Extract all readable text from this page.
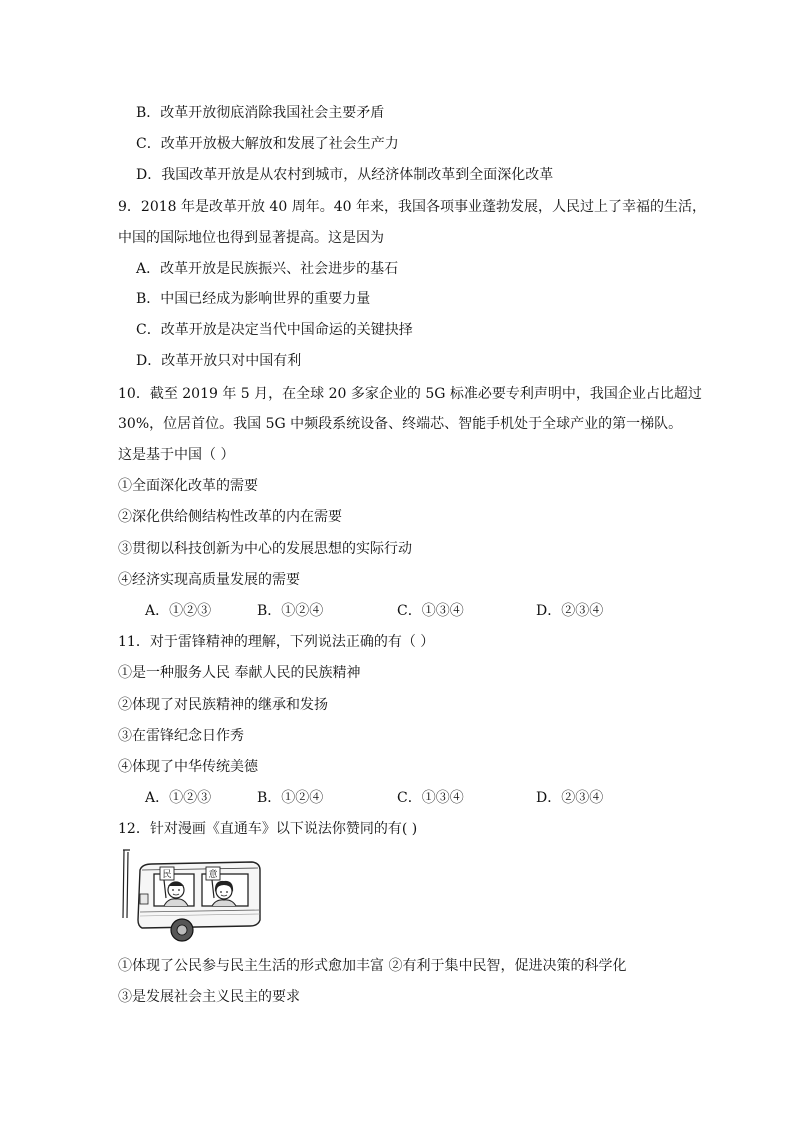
B．改革开放彻底消除我国社会主要矛盾
C．改革开放极大解放和发展了社会生产力
D．我国改革开放是从农村到城市，从经济体制改革到全面深化改革
9．2018 年是改革开放 40 周年。40 年来，我国各项事业蓬勃发展，人民过上了幸福的生活，
中国的国际地位也得到显著提高。这是因为
A．改革开放是民族振兴、社会进步的基石
B．中国已经成为影响世界的重要力量
C．改革开放是决定当代中国命运的关键抉择
D．改革开放只对中国有利
10．截至 2019 年 5 月，在全球 20 多家企业的 5G 标准必要专利声明中，我国企业占比超过
30%，位居首位。我国 5G 中频段系统设备、终端芯、智能手机处于全球产业的第一梯队。
这是基于中国（ ）
①全面深化改革的需要
②深化供给侧结构性改革的内在需要
③贯彻以科技创新为中心的发展思想的实际行动
④经济实现高质量发展的需要
A．①②③	B．①②④	C．①③④	D．②③④
11．对于雷锋精神的理解，下列说法正确的有（ ）
①是一种服务人民 奉献人民的民族精神
②体现了对民族精神的继承和发扬
③在雷锋纪念日作秀
④体现了中华传统美德
A．①②③	B．①②④	C．①③④	D．②③④
12．针对漫画《直通车》以下说法你赞同的有( )
民	意
①体现了公民参与民主生活的形式愈加丰富 ②有利于集中民智，促进决策的科学化
③是发展社会主义民主的要求
